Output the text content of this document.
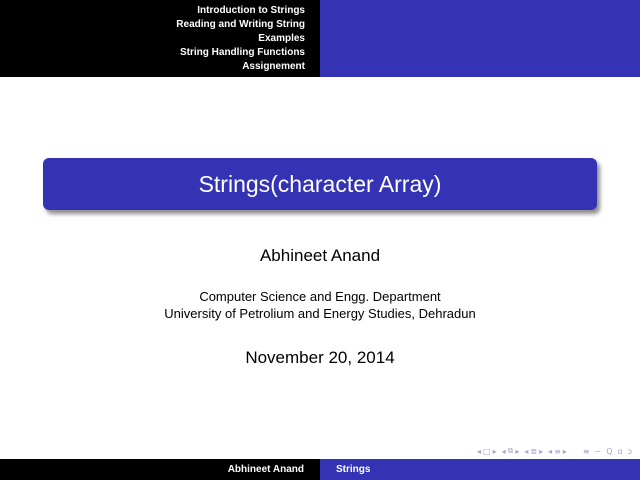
Introduction to Strings
Reading and Writing String
Examples
String Handling Functions
Assignement
Strings(character Array)
Abhineet Anand
Computer Science and Engg. Department
University of Petrolium and Energy Studies, Dehradun
November 20, 2014
◂ □ ▸ ◂ ⧉ ▸ ◂ ≣ ▸ ◂ ≡ ▸ ≡ ∽ Q ɑ ɔ
Abhineet Anand	Strings
